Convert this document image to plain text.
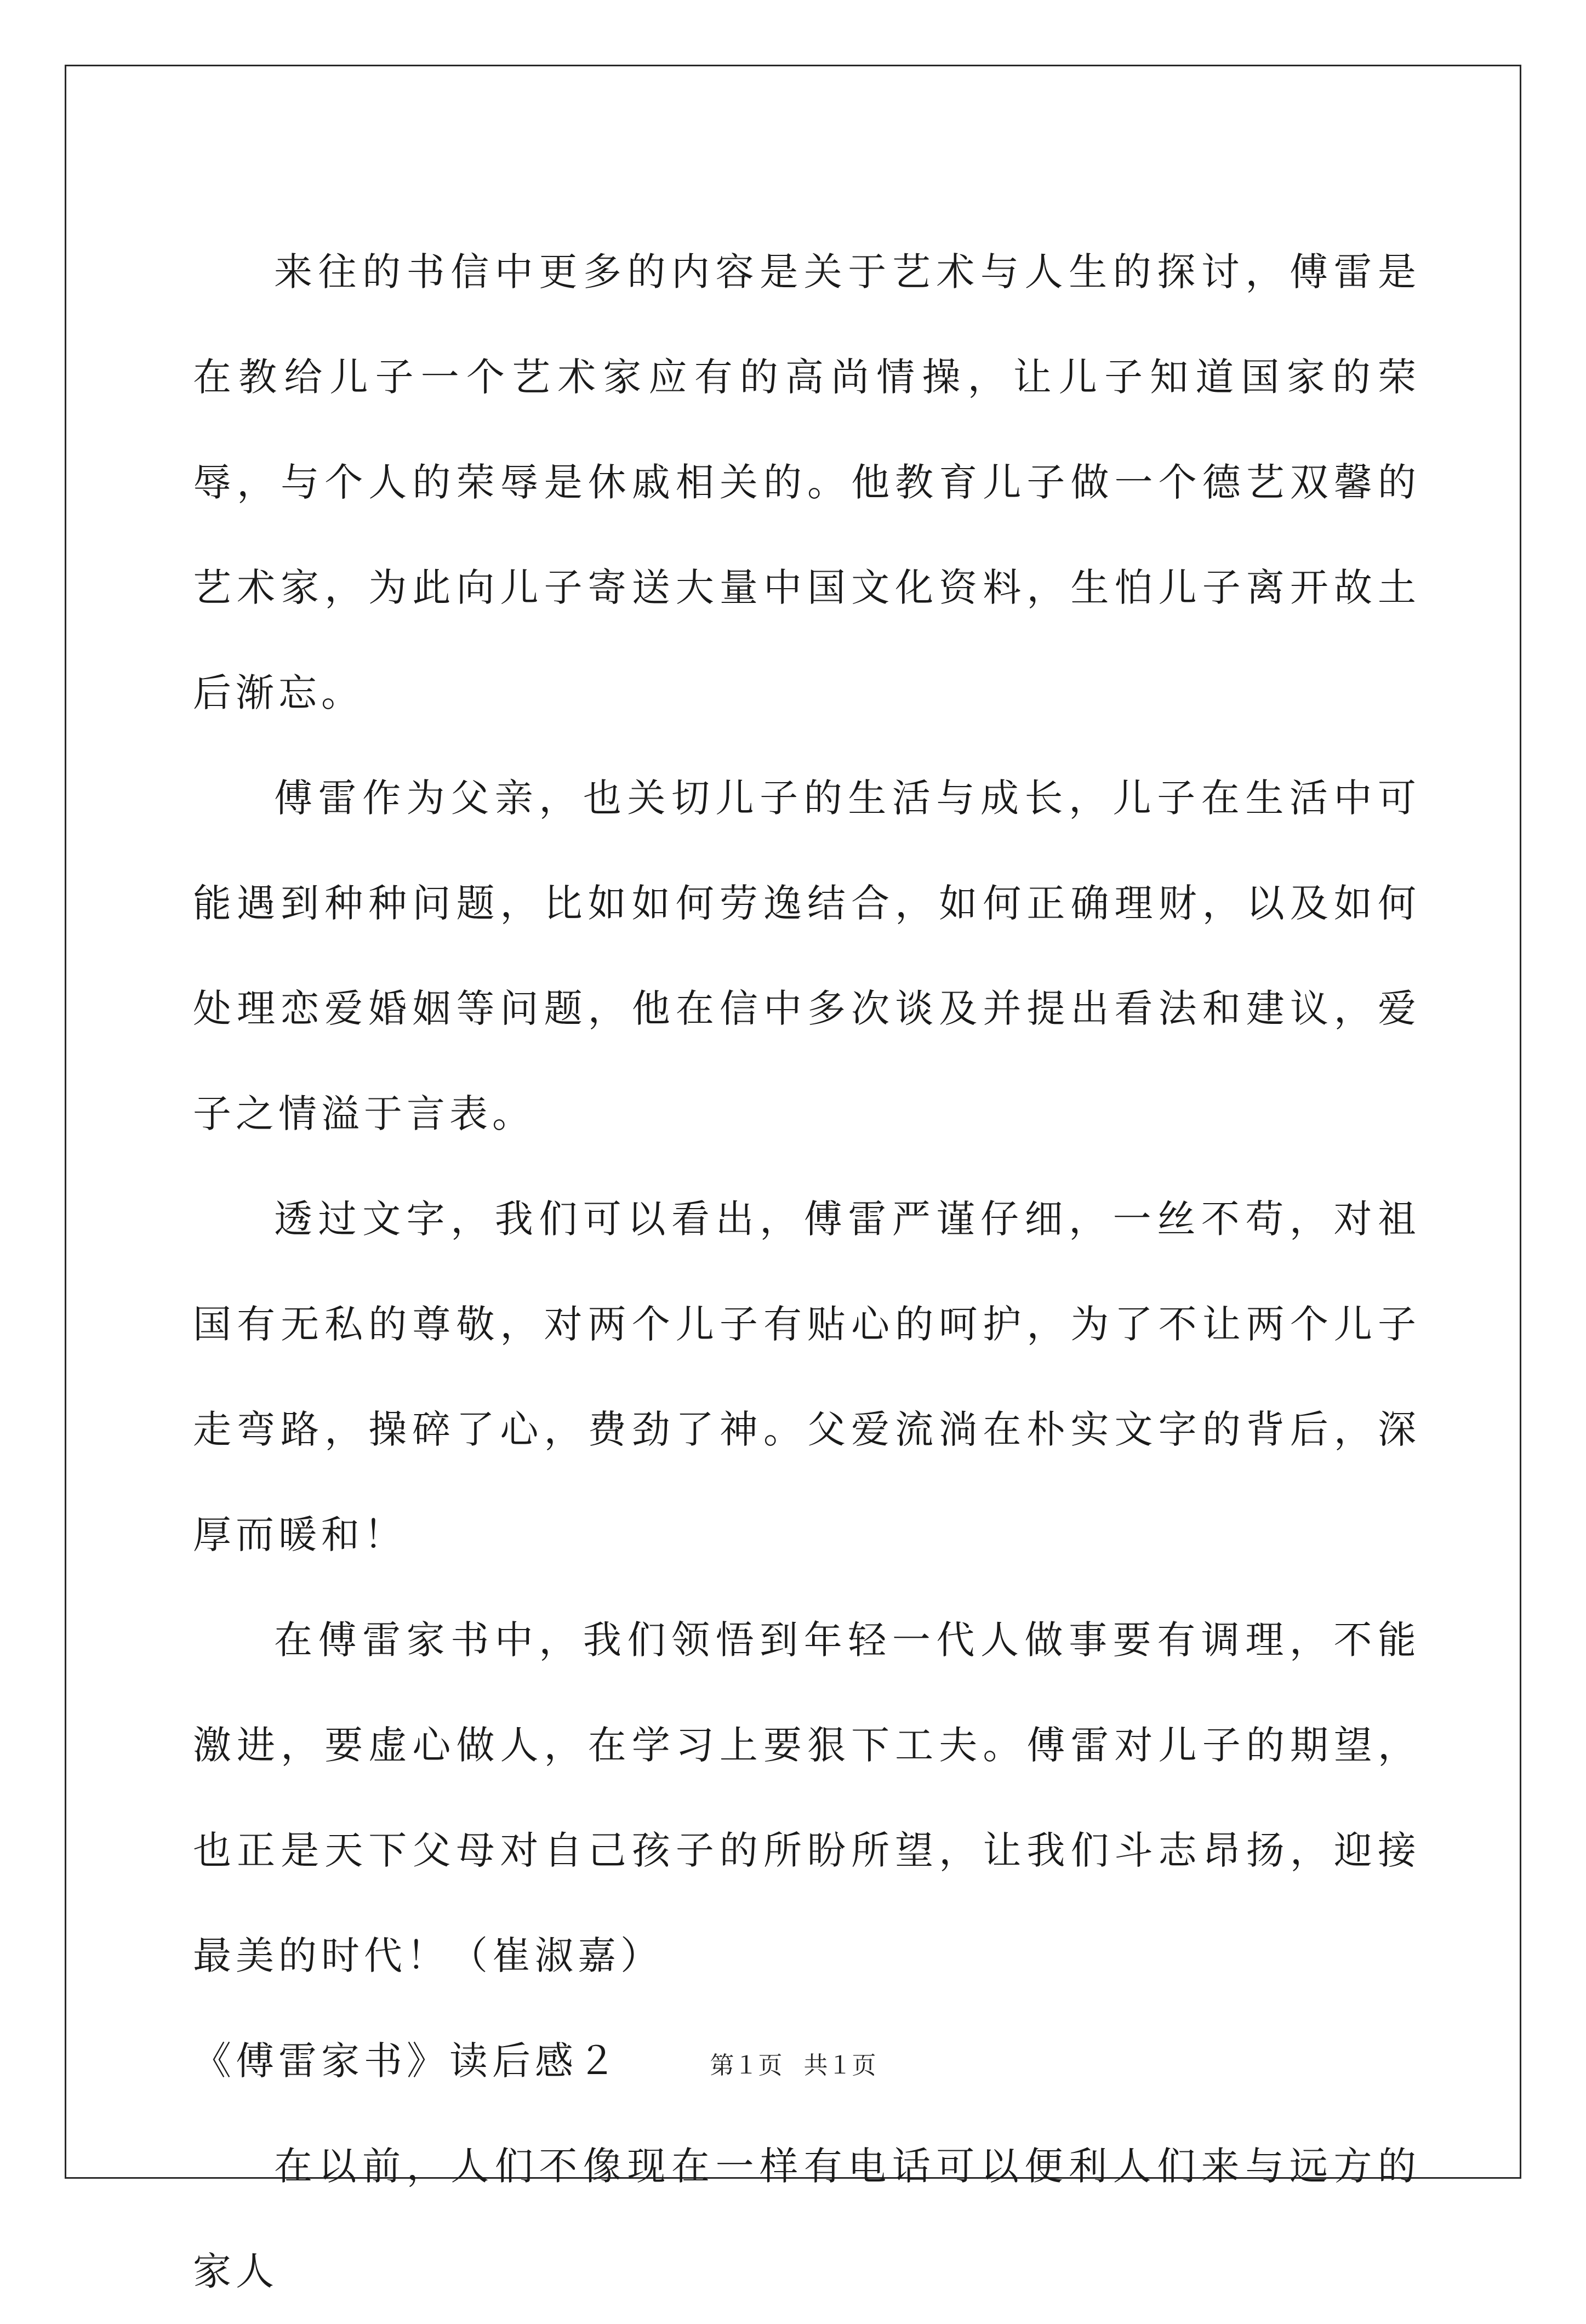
来往的书信中更多的内容是关于艺术与人生的探讨，傅雷是在教给儿子一个艺术家应有的高尚情操，让儿子知道国家的荣辱，与个人的荣辱是休戚相关的。他教育儿子做一个德艺双馨的艺术家，为此向儿子寄送大量中国文化资料，生怕儿子离开故土后渐忘。

傅雷作为父亲，也关切儿子的生活与成长，儿子在生活中可能遇到种种问题，比如如何劳逸结合，如何正确理财，以及如何处理恋爱婚姻等问题，他在信中多次谈及并提出看法和建议，爱子之情溢于言表。

透过文字，我们可以看出，傅雷严谨仔细，一丝不苟，对祖国有无私的尊敬，对两个儿子有贴心的呵护，为了不让两个儿子走弯路，操碎了心，费劲了神。父爱流淌在朴实文字的背后，深厚而暖和！

在傅雷家书中，我们领悟到年轻一代人做事要有调理，不能激进，要虚心做人，在学习上要狠下工夫。傅雷对儿子的期望，也正是天下父母对自己孩子的所盼所望，让我们斗志昂扬，迎接最美的时代！（崔淑嘉）

《傅雷家书》读后感２

在以前，人们不像现在一样有电话可以便利人们来与远方的家人

第１页 共１页
